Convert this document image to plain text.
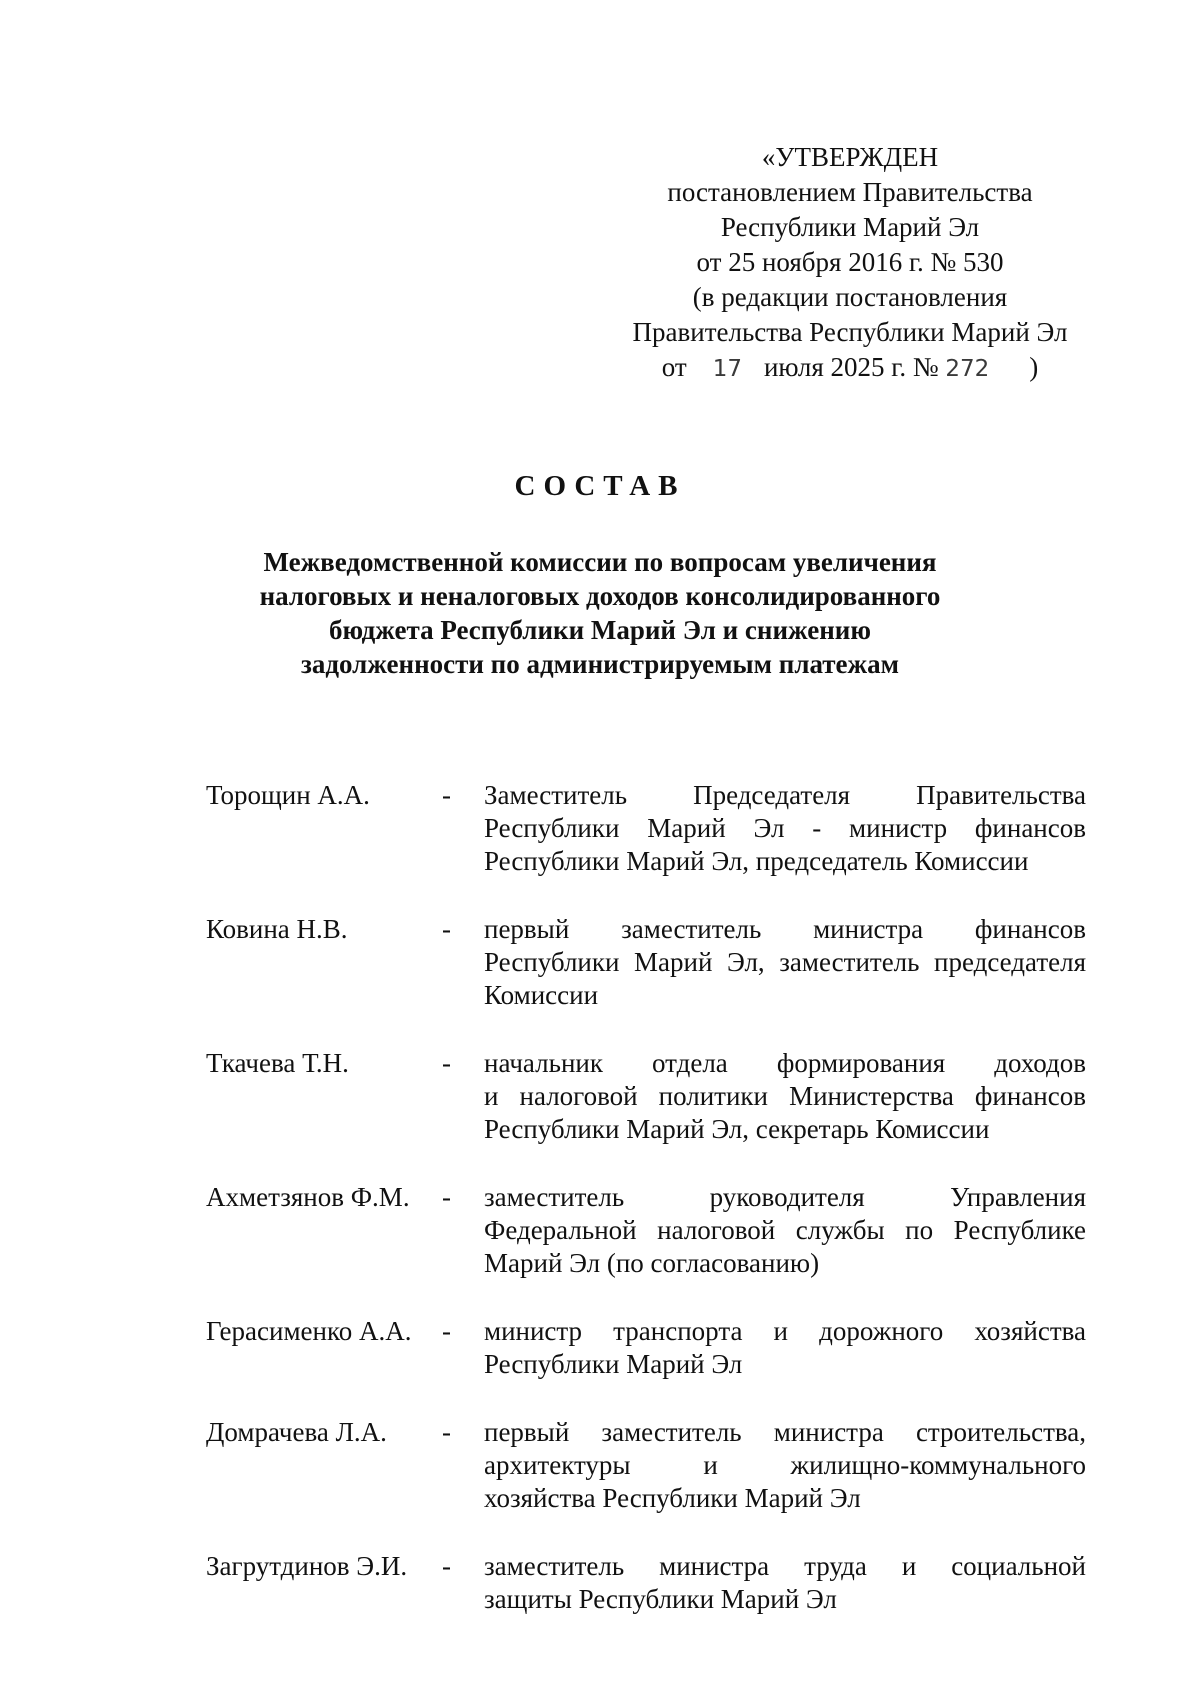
«УТВЕРЖДЕН
постановлением Правительства
Республики Марий Эл
от 25 ноября 2016 г. № 530
(в редакции постановления
Правительства Республики Марий Эл
от 17 июля 2025 г. № 272 )
СОСТАВ
Межведомственной комиссии по вопросам увеличения
налоговых и неналоговых доходов консолидированного
бюджета Республики Марий Эл и снижению
задолженности по администрируемым платежам
Торощин А.А.	- Заместитель Председателя Правительства
Республики Марий Эл - министр финансов
Республики Марий Эл, председатель Комиссии
Ковина Н.В.	- первый заместитель министра финансов
Республики Марий Эл, заместитель председателя
Комиссии
Ткачева Т.Н.	- начальник отдела формирования доходов
и налоговой политики Министерства финансов
Республики Марий Эл, секретарь Комиссии
Ахметзянов Ф.М. - заместитель руководителя Управления
Федеральной налоговой службы по Республике
Марий Эл (по согласованию)
Герасименко А.А. - министр транспорта и дорожного хозяйства
Республики Марий Эл
Домрачева Л.А. - первый заместитель министра строительства,
архитектуры и жилищно-коммунального
хозяйства Республики Марий Эл
Загрутдинов Э.И. - заместитель министра труда и социальной
защиты Республики Марий Эл
